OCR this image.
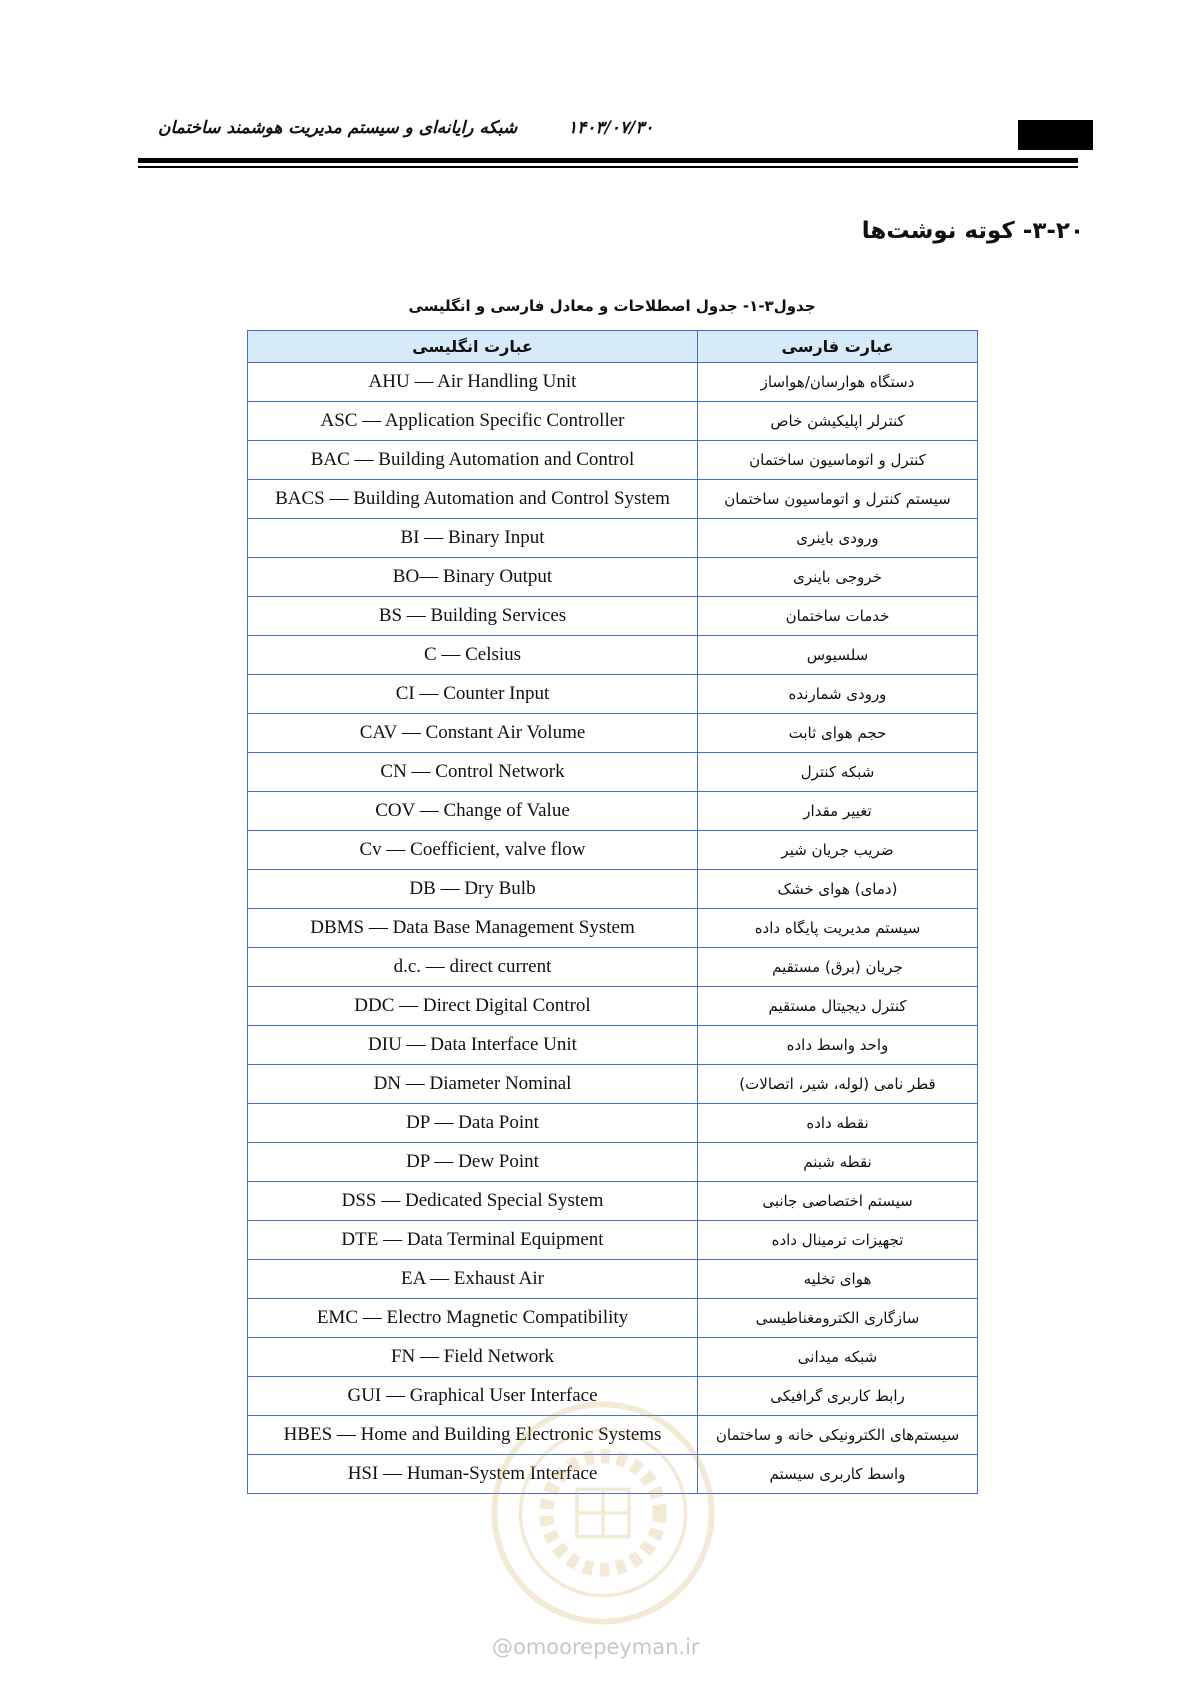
شبکه رایانه‌ای و سیستم مدیریت هوشمند ساختمان	۱۴۰۳/۰۷/۳۰
۳-۲۰- کوته نوشت‌ها
جدول۳-۱- جدول اصطلاحات و معادل فارسی و انگلیسی
عبارت انگلیسی	عبارت فارسی
AHU — Air Handling Unit	دستگاه هوارسان/هواساز
ASC — Application Specific Controller	کنترلر اپلیکیشن خاص
BAC — Building Automation and Control	کنترل و اتوماسیون ساختمان
BACS — Building Automation and Control System	سیستم کنترل و اتوماسیون ساختمان
BI — Binary Input	ورودی باینری
BO— Binary Output	خروجی باینری
BS — Building Services	خدمات ساختمان
C — Celsius	سلسیوس
CI — Counter Input	ورودی شمارنده
CAV — Constant Air Volume	حجم هوای ثابت
CN — Control Network	شبکه کنترل
COV — Change of Value	تغییر مقدار
Cv — Coefficient, valve flow	ضریب جریان شیر
DB — Dry Bulb	(دمای) هوای خشک
DBMS — Data Base Management System	سیستم مدیریت پایگاه داده
d.c. — direct current	جریان (برق) مستقیم
DDC — Direct Digital Control	کنترل دیجیتال مستقیم
DIU — Data Interface Unit	واحد واسط داده
DN — Diameter Nominal	قطر نامی (لوله، شیر، اتصالات)
DP — Data Point	نقطه داده
DP — Dew Point	نقطه شبنم
DSS — Dedicated Special System	سیستم اختصاصی جانبی
DTE — Data Terminal Equipment	تجهیزات ترمینال داده
EA — Exhaust Air	هوای تخلیه
EMC — Electro Magnetic Compatibility	سازگاری الکترومغناطیسی
FN — Field Network	شبکه میدانی
GUI — Graphical User Interface	رابط کاربری گرافیکی
HBES — Home and Building Electronic Systems	سیستم‌های الکترونیکی خانه و ساختمان
HSI — Human-System Interface	واسط کاربری سیستم
@omoorepeyman.ir
